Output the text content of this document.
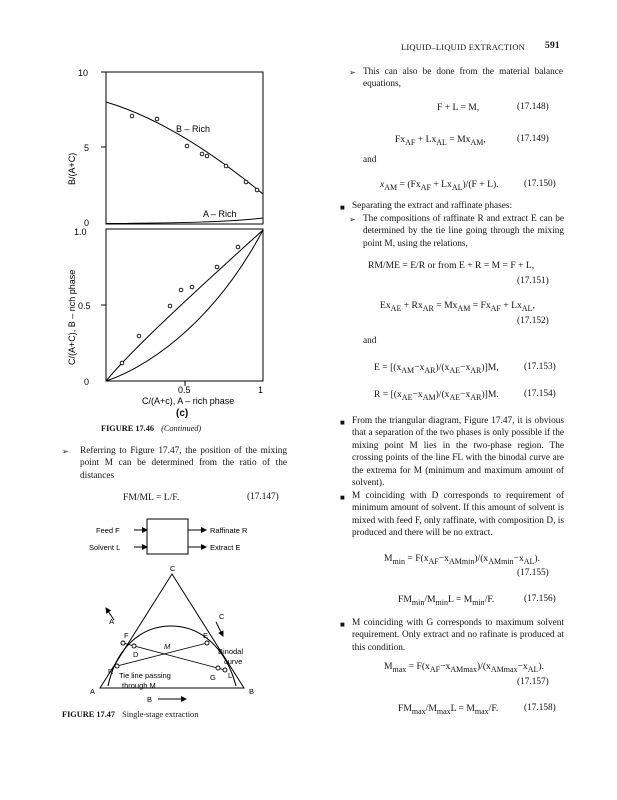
LIQUID–LIQUID EXTRACTION 591
10
5
0
B/(A+C)
B – Rich
A – Rich
1.0
0.5
0
C/(A+C), B – rich phase
0.5	1
C/(A+c), A – rich phase
(c)
FIGURE 17.46 (Continued)
➢ Referring to Figure 17.47, the position of the mixing point M can be determined from the ratio of the distances
FM/ML = L/F.	(17.147)
Feed F
Solvent L
Raffinate R
Extract E
C
A	B
A
C
B
F
D
M
E
R
G L
Binodal
curve
Tie line passing
through M
FIGURE 17.47 Single-stage extraction
➢ This can also be done from the material balance equations,
F + L = M,	(17.148)
$Fx_{AF} + Lx_{AL} = Mx_{AM}$,	(17.149)
and
$x_{AM} = (Fx_{AF} + Lx_{AL})/(F + L)$.	(17.150)
■ Separating the extract and raffinate phases:
➢ The compositions of raffinate R and extract E can be determined by the tie line going through the mixing point M, using the relations,
RM/ME = E/R or from E + R = M = F + L,
(17.151)
$Ex_{AE} + Rx_{AR} = Mx_{AM} = Fx_{AF} + Lx_{AL}$,
(17.152)
and
$E = [(x_{AM}-x_{AR})/(x_{AE}-x_{AR})]M$,	(17.153)
$R = [(x_{AE}-x_{AM})/(x_{AE}-x_{AR})]M$.	(17.154)
■ From the triangular diagram, Figure 17.47, it is obvious that a separation of the two phases is only possible if the mixing point M lies in the two-phase region. The crossing points of the line FL with the binodal curve are the extrema for M (minimum and maximum amount of solvent).
■ M coinciding with D corresponds to requirement of minimum amount of solvent. If this amount of solvent is mixed with feed F, only raffinate, with composition D, is produced and there will be no extract.
$M_{min} = F(x_{AF}-x_{AMmin})/(x_{AMmin}-x_{AL})$.
(17.155)
$FM_{min}/M_{min}L = M_{min}/F$.	(17.156)
■ M coinciding with G corresponds to maximum solvent requirement. Only extract and no rafinate is produced at this condition.
$M_{max} = F(x_{AF}-x_{AMmax})/(x_{AMmax}-x_{AL})$.
(17.157)
$FM_{max}/M_{max}L = M_{max}/F$.	(17.158)
